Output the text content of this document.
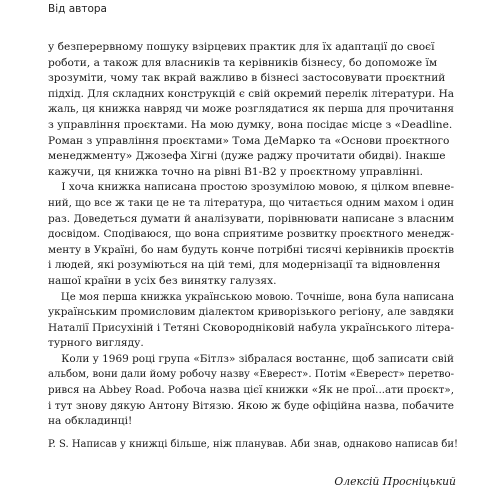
Від автора
у безперервному пошуку взірцевих практик для їх адаптації до своєї
роботи, а також для власників та керівників бізнесу, бо допоможе їм
зрозуміти, чому так вкрай важливо в бізнесі застосовувати проєктний
підхід. Для складних конструкцій є свій окремий перелік літератури. На
жаль, ця книжка навряд чи може розглядатися як перша для прочитання
з управління проєктами. На мою думку, вона посідає місце з «Deadline.
Роман з управління проєктами» Тома ДеМарко та «Основи проєктного
менеджменту» Джозефа Хігні (дуже раджу прочитати обидві). Інакше
кажучи, ця книжка точно на рівні B1-B2 у проєктному управлінні.
І хоча книжка написана простою зрозумілою мовою, я цілком впевне-
ний, що все ж таки це не та література, що читається одним махом і один
раз. Доведеться думати й аналізувати, порівнювати написане з власним
досвідом. Сподіваюся, що вона сприятиме розвитку проєктного менедж-
менту в Україні, бо нам будуть конче потрібні тисячі керівників проєктів
і людей, які розуміються на цій темі, для модернізації та відновлення
нашої країни в усіх без винятку галузях.
Це моя перша книжка українською мовою. Точніше, вона була написана
українським промисловим діалектом криворізького регіону, але завдяки
Наталії Присухіній і Тетяні Сковородніковій набула українського літера-
турного вигляду.
Коли у 1969 році група «Бітлз» зібралася востаннє, щоб записати свій
альбом, вони дали йому робочу назву «Еверест». Потім «Еверест» перетво-
рився на Abbey Road. Робоча назва цієї книжки «Як не прої...ати проєкт»,
і тут знову дякую Антону Вітязю. Якою ж буде офіційна назва, побачите
на обкладинці!
P. S. Написав у книжці більше, ніж планував. Аби знав, однаково написав би!
Олексій Просніцький
